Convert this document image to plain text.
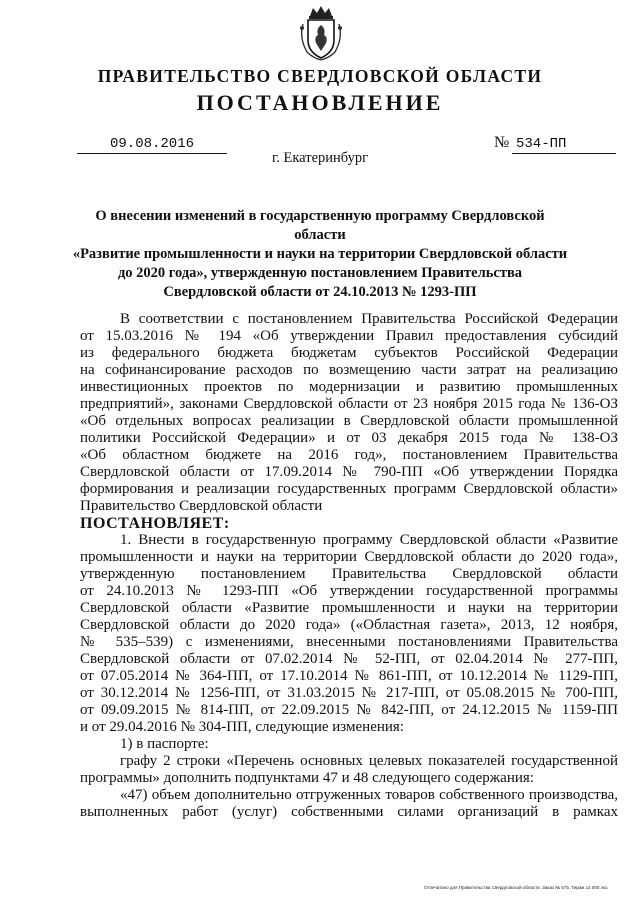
ПРАВИТЕЛЬСТВО СВЕРДЛОВСКОЙ ОБЛАСТИ
ПОСТАНОВЛЕНИЕ
09.08.2016	№ 534-ПП
г. Екатеринбург
О внесении изменений в государственную программу Свердловской области
«Развитие промышленности и науки на территории Свердловской области
до 2020 года», утвержденную постановлением Правительства
Свердловской области от 24.10.2013 № 1293-ПП
В соответствии с постановлением Правительства Российской Федерации
от 15.03.2016 № 194 «Об утверждении Правил предоставления субсидий
из федерального бюджета бюджетам субъектов Российской Федерации
на софинансирование расходов по возмещению части затрат на реализацию
инвестиционных проектов по модернизации и развитию промышленных
предприятий», законами Свердловской области от 23 ноября 2015 года № 136-ОЗ
«Об отдельных вопросах реализации в Свердловской области промышленной
политики Российской Федерации» и от 03 декабря 2015 года № 138-ОЗ
«Об областном бюджете на 2016 год», постановлением Правительства
Свердловской области от 17.09.2014 № 790-ПП «Об утверждении Порядка
формирования и реализации государственных программ Свердловской области»
Правительство Свердловской области
ПОСТАНОВЛЯЕТ:
1. Внести в государственную программу Свердловской области «Развитие
промышленности и науки на территории Свердловской области до 2020 года»,
утвержденную постановлением Правительства Свердловской области
от 24.10.2013 № 1293-ПП «Об утверждении государственной программы
Свердловской области «Развитие промышленности и науки на территории
Свердловской области до 2020 года» («Областная газета», 2013, 12 ноября,
№ 535–539) с изменениями, внесенными постановлениями Правительства
Свердловской области от 07.02.2014 № 52-ПП, от 02.04.2014 № 277-ПП,
от 07.05.2014 № 364-ПП, от 17.10.2014 № 861-ПП, от 10.12.2014 № 1129-ПП,
от 30.12.2014 № 1256-ПП, от 31.03.2015 № 217-ПП, от 05.08.2015 № 700-ПП,
от 09.09.2015 № 814-ПП, от 22.09.2015 № 842-ПП, от 24.12.2015 № 1159-ПП
и от 29.04.2016 № 304-ПП, следующие изменения:
1) в паспорте:
графу 2 строки «Перечень основных целевых показателей государственной
программы» дополнить подпунктами 47 и 48 следующего содержания:
«47) объем дополнительно отгруженных товаров собственного производства,
выполненных работ (услуг) собственными силами организаций в рамках
Отпечатано для Правительства Свердловской области. Заказ № 575. Тираж 14 000 экз.
